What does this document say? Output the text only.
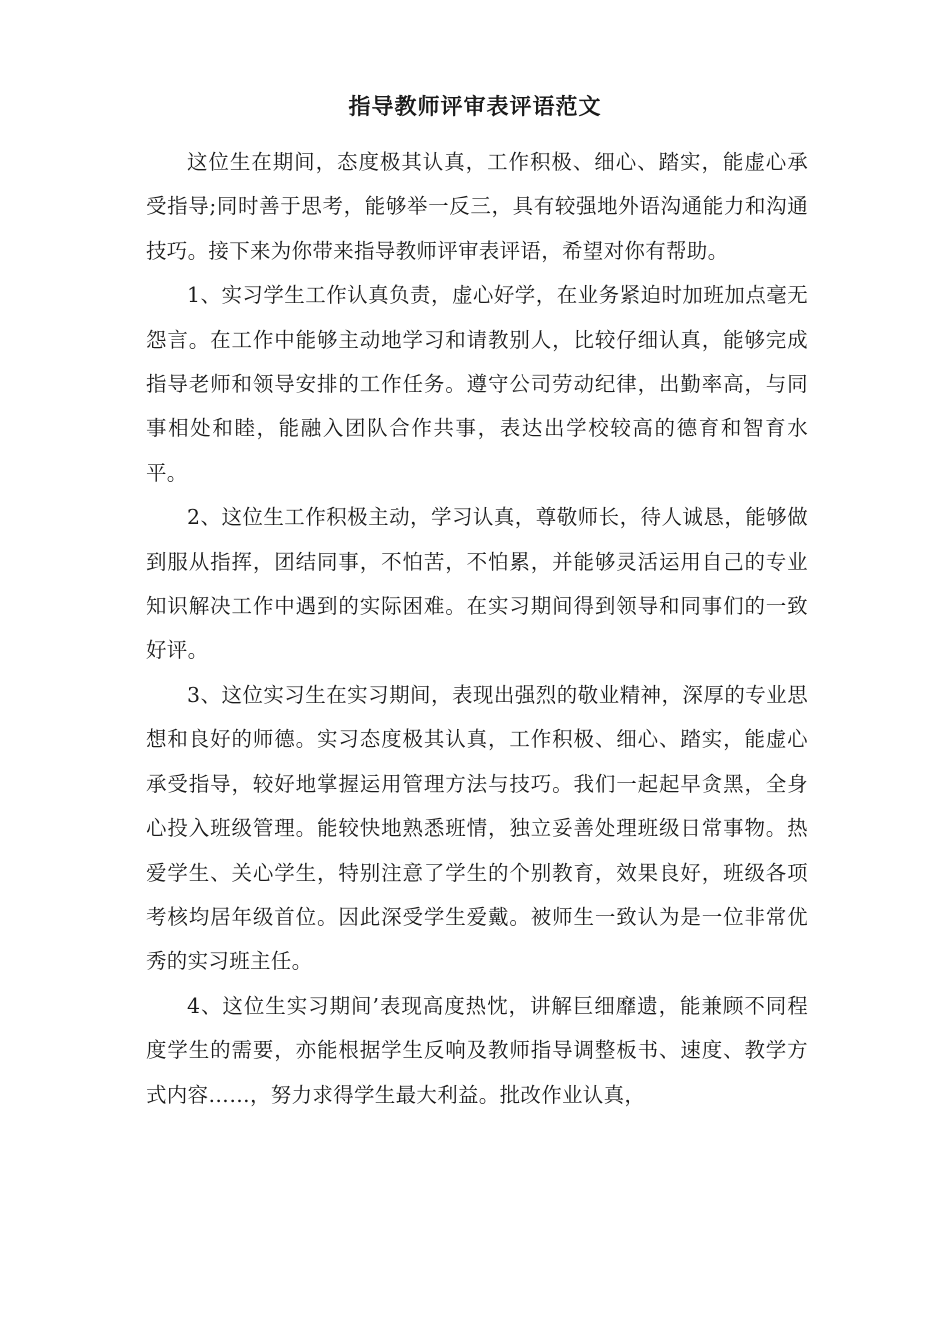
指导教师评审表评语范文

这位生在期间，态度极其认真，工作积极、细心、踏实，能虚心承受指导;同时善于思考，能够举一反三，具有较强地外语沟通能力和沟通技巧。接下来为你带来指导教师评审表评语，希望对你有帮助。

1、实习学生工作认真负责，虚心好学，在业务紧迫时加班加点毫无怨言。在工作中能够主动地学习和请教别人，比较仔细认真，能够完成指导老师和领导安排的工作任务。遵守公司劳动纪律，出勤率高，与同事相处和睦，能融入团队合作共事，表达出学校较高的德育和智育水平。

2、这位生工作积极主动，学习认真，尊敬师长，待人诚恳，能够做到服从指挥，团结同事，不怕苦，不怕累，并能够灵活运用自己的专业知识解决工作中遇到的实际困难。在实习期间得到领导和同事们的一致好评。

3、这位实习生在实习期间，表现出强烈的敬业精神，深厚的专业思想和良好的师德。实习态度极其认真，工作积极、细心、踏实，能虚心承受指导，较好地掌握运用管理方法与技巧。我们一起起早贪黑，全身心投入班级管理。能较快地熟悉班情，独立妥善处理班级日常事物。热爱学生、关心学生，特别注意了学生的个别教育，效果良好，班级各项考核均居年级首位。因此深受学生爱戴。被师生一致认为是一位非常优秀的实习班主任。

4、这位生实习期间’表现高度热忱，讲解巨细靡遗，能兼顾不同程度学生的需要，亦能根据学生反响及教师指导调整板书、速度、教学方式内容……，努力求得学生最大利益。批改作业认真，
